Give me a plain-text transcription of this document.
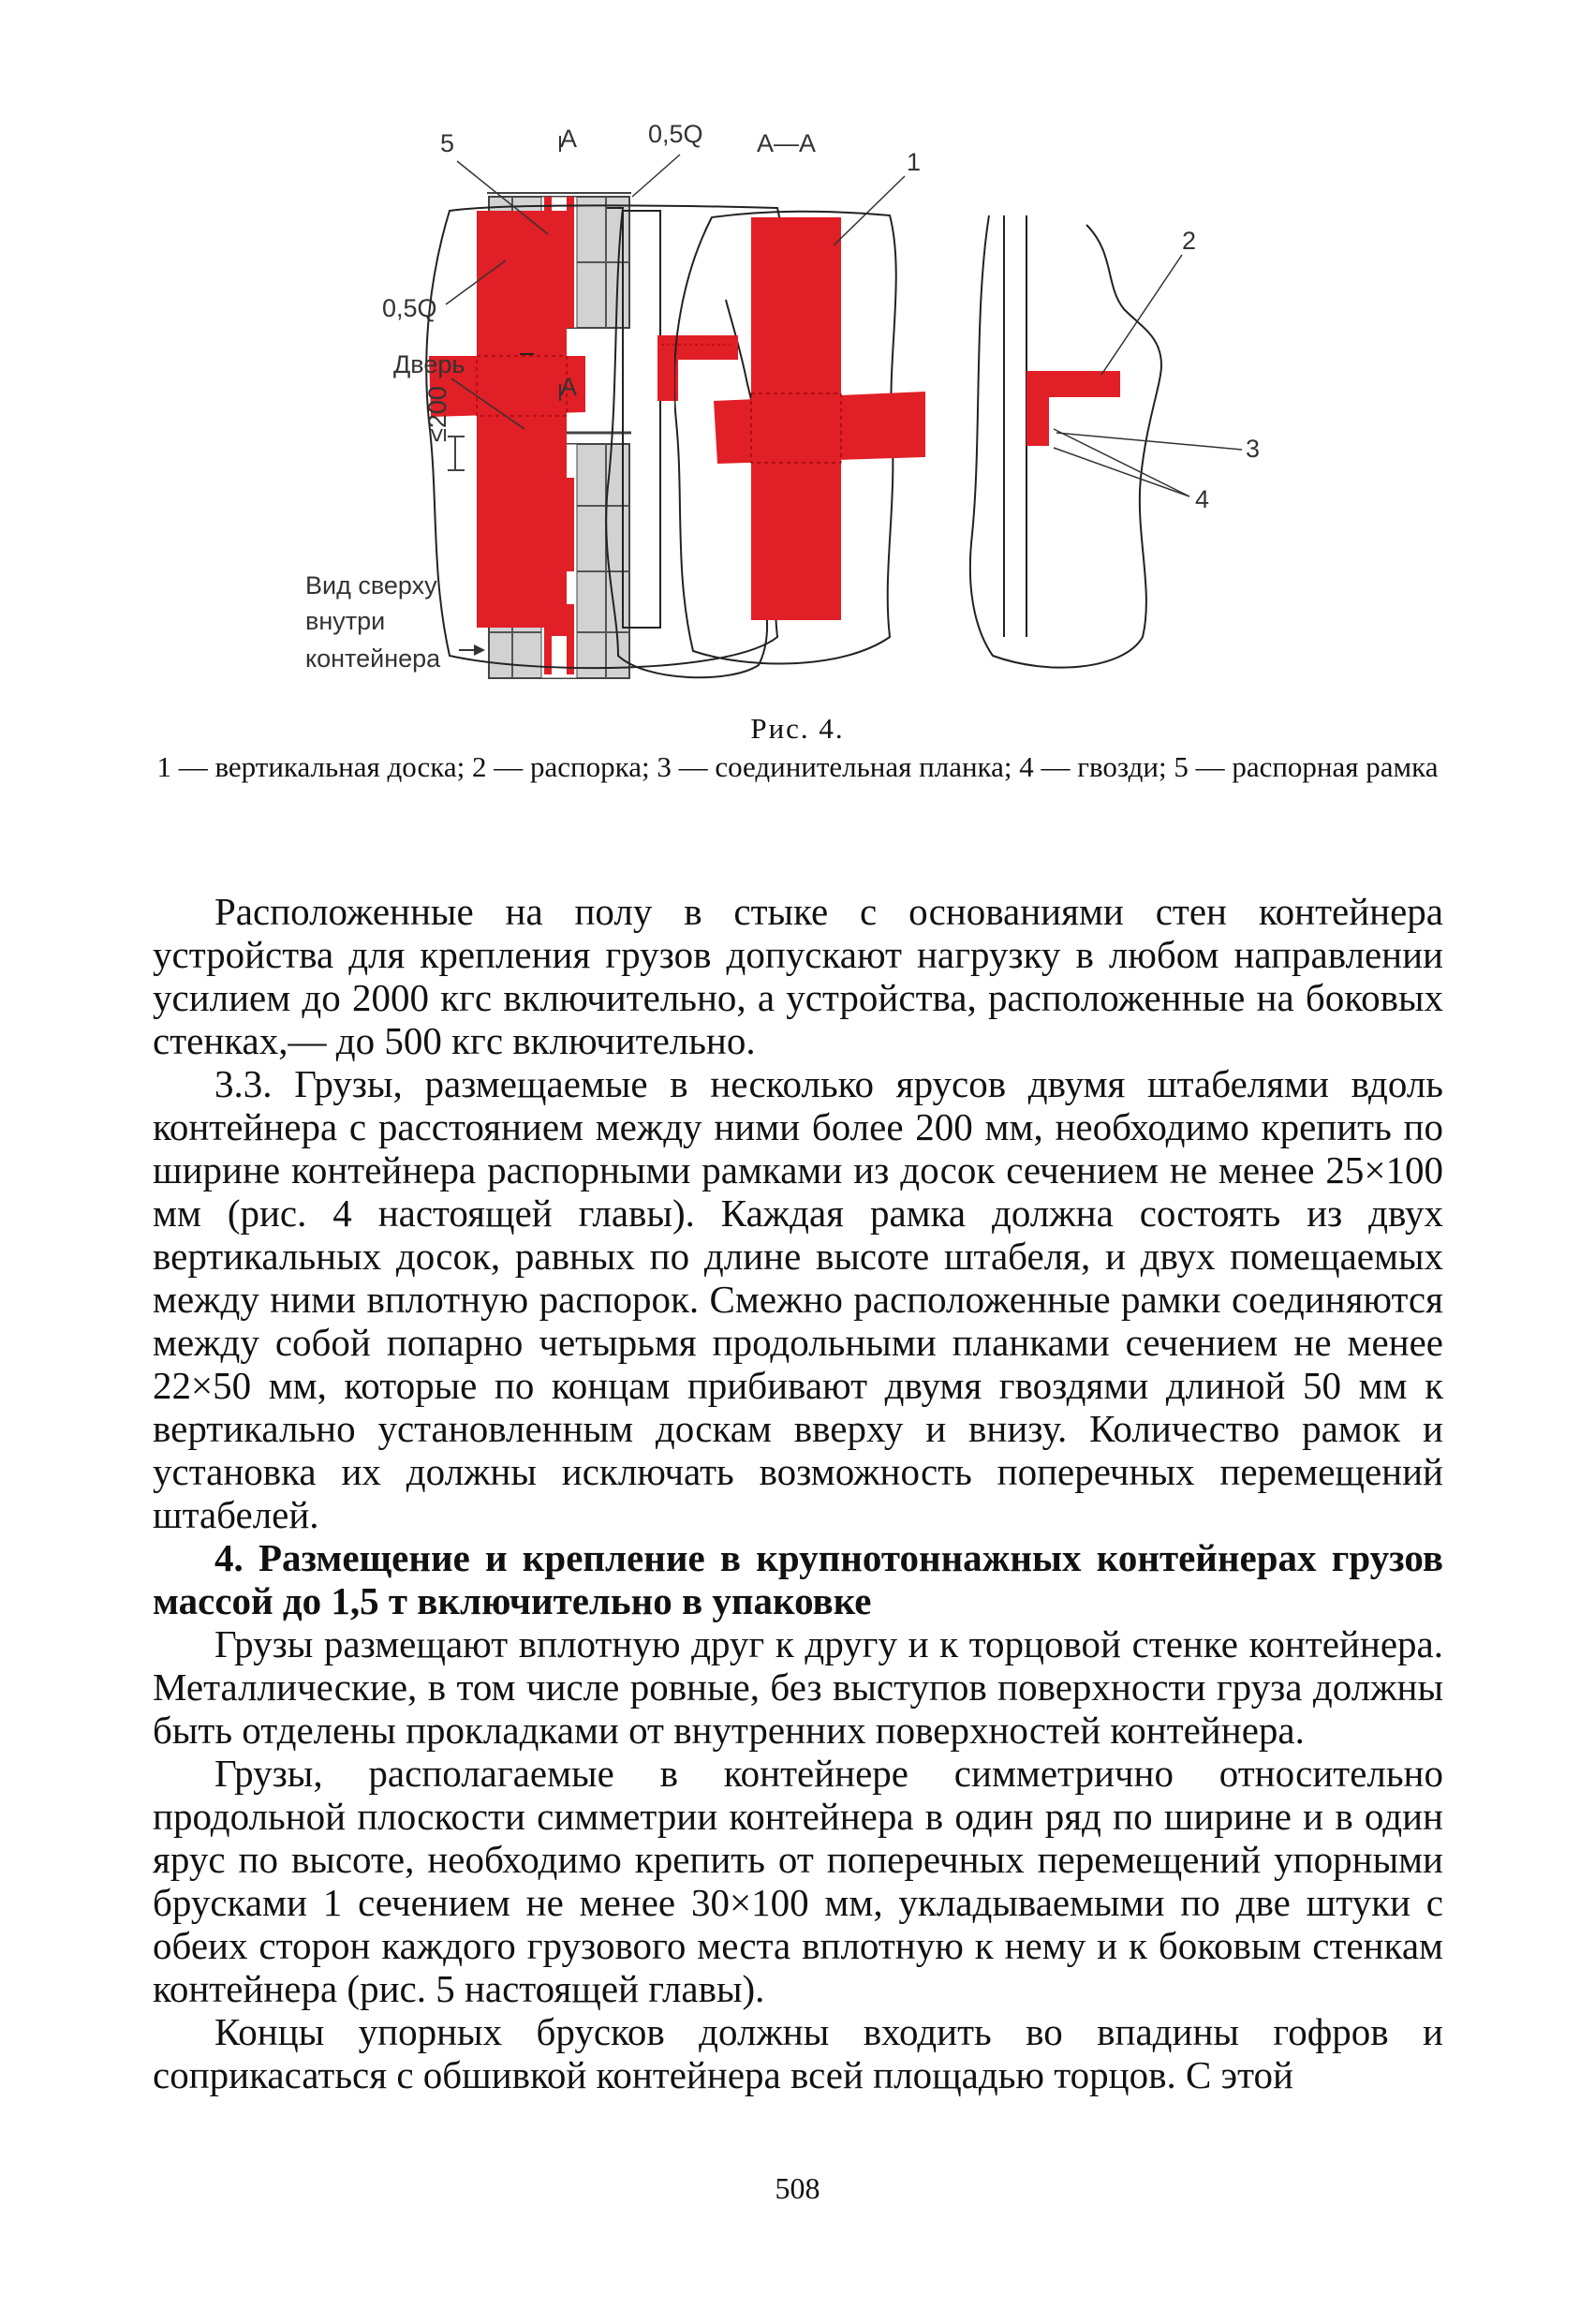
5	A	0,5Q A—A
1
2
0,5Q
Дверь
A
3
≤200
4
Вид сверху
внутри
контейнера
Рис. 4.
1 — вертикальная доска; 2 — распорка; 3 — соединительная планка; 4 — гвозди; 5 — распорная рамка

Расположенные на полу в стыке с основаниями стен контейнера устройства для крепления грузов допускают нагрузку в любом направлении усилием до 2000 кгс включительно, а устройства, расположенные на боковых стенках,— до 500 кгс включительно.

3.3. Грузы, размещаемые в несколько ярусов двумя штабелями вдоль контейнера с расстоянием между ними более 200 мм, необходимо крепить по ширине контейнера распорными рамками из досок сечением не менее 25×100 мм (рис. 4 настоящей главы). Каждая рамка должна состоять из двух вертикальных досок, равных по длине высоте штабеля, и двух помещаемых между ними вплотную распорок. Смежно расположенные рамки соединяются между собой попарно четырьмя продольными планками сечением не менее 22×50 мм, которые по концам прибивают двумя гвоздями длиной 50 мм к вертикально установленным доскам вверху и внизу. Количество рамок и установка их должны исключать возможность поперечных перемещений штабелей.

4. Размещение и крепление в крупнотоннажных контейнерах грузов массой до 1,5 т включительно в упаковке

Грузы размещают вплотную друг к другу и к торцовой стенке контейнера. Металлические, в том числе ровные, без выступов поверхности груза должны быть отделены прокладками от внутренних поверхностей контейнера.

Грузы, располагаемые в контейнере симметрично относительно продольной плоскости симметрии контейнера в один ряд по ширине и в один ярус по высоте, необходимо крепить от поперечных перемещений упорными брусками 1 сечением не менее 30×100 мм, укладываемыми по две штуки с обеих сторон каждого грузового места вплотную к нему и к боковым стенкам контейнера (рис. 5 настоящей главы).

Концы упорных брусков должны входить во впадины гофров и соприкасаться с обшивкой контейнера всей площадью торцов. С этой

508
